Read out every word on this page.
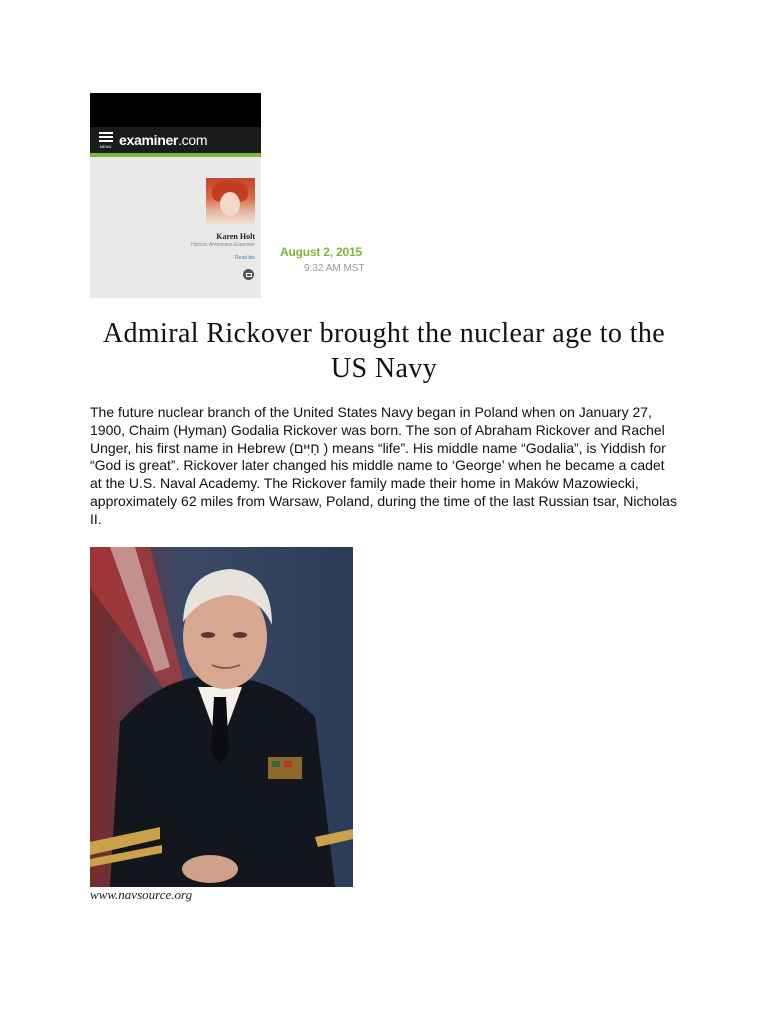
MENU examiner.com
Karen Holt
Historic Americans Examiner
Read bio August 2, 2015
9:32 AM MST
Admiral Rickover brought the nuclear age to the US Navy

The future nuclear branch of the United States Navy began in Poland when on January 27, 1900, Chaim (Hyman) Godalia Rickover was born. The son of Abraham Rickover and Rachel Unger, his first name in Hebrew (חַיִּים ) means “life”. His middle name “Godalia”, is Yiddish for “God is great”. Rickover later changed his middle name to ‘George’ when he became a cadet at the U.S. Naval Academy. The Rickover family made their home in Maków Mazowiecki, approximately 62 miles from Warsaw, Poland, during the time of the last Russian tsar, Nicholas II.

www.navsource.org
